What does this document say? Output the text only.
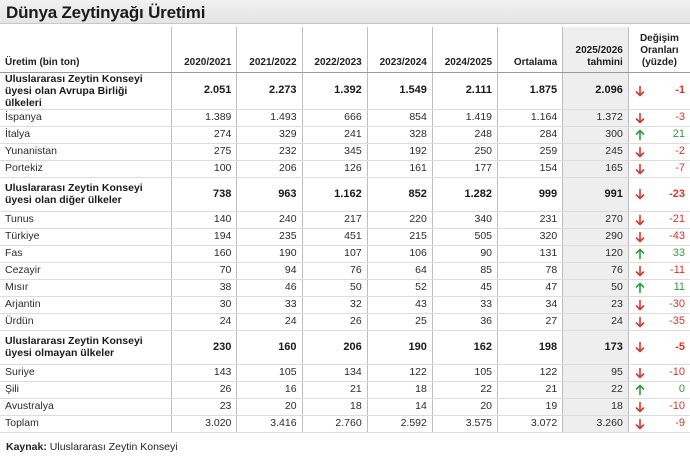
Dünya Zeytinyağı Üretimi
Üretim (bin ton)	2020/2021	2021/2022	2022/2023	2023/2024	2024/2025	Ortalama	2025/2026 tahmini	Değişim Oranları (yüzde)
Uluslararası Zeytin Konseyi üyesi olan Avrupa Birliği ülkeleri	2.051	2.273	1.392	1.549	2.111	1.875	2.096	-1

İspanya	1.389	1.493	666	854	1.419	1.164	1.372	-3

İtalya	274	329	241	328	248	284	300	21

Yunanistan	275	232	345	192	250	259	245	-2

Portekiz	100	206	126	161	177	154	165	-7

Uluslararası Zeytin Konseyi üyesi olan diğer ülkeler	738	963	1.162	852	1.282	999	991	-23

Tunus	140	240	217	220	340	231	270	-21

Türkiye	194	235	451	215	505	320	290	-43

Fas	160	190	107	106	90	131	120	33

Cezayir	70	94	76	64	85	78	76	-11

Mısır	38	46	50	52	45	47	50	11

Arjantin	30	33	32	43	33	34	23	-30

Ürdün	24	24	26	25	36	27	24	-35

Uluslararası Zeytin Konseyi üyesi olmayan ülkeler	230	160	206	190	162	198	173	-5

Suriye	143	105	134	122	105	122	95	-10

Şili	26	16	21	18	22	21	22	0

Avustralya	23	20	18	14	20	19	18	-10

Toplam	3.020	3.416	2.760	2.592	3.575	3.072	3.260	-9
Kaynak: Uluslararası Zeytin Konseyi
